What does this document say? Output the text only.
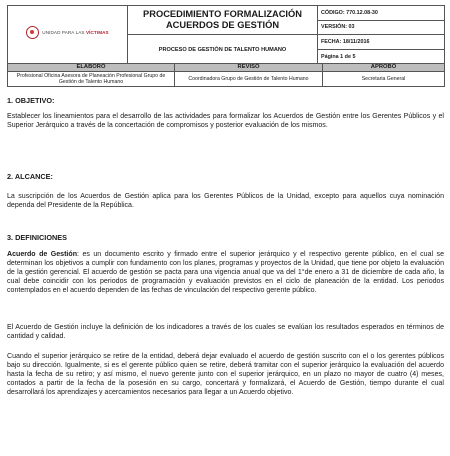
UNIDAD PARA LAS VÍCTIMAS

PROCEDIMIENTO FORMALIZACIÓN ACUERDOS DE GESTIÓN
PROCESO DE GESTIÓN DE TALENTO HUMANO

CÓDIGO: 770.12.08-30
VERSIÓN: 03
FECHA: 18/11/2016
Página 1 de 5
ELABORÓ	REVISÓ	APROBÓ
Profesional Oficina Asesora de Planeación Profesional Grupo de Gestión de Talento Humano	Coordinadora Grupo de Gestión de Talento Humano	Secretaria General
1. OBJETIVO:

Establecer los lineamientos para el desarrollo de las actividades para formalizar los Acuerdos de Gestión entre los Gerentes Públicos y el Superior Jerárquico a través de la concertación de compromisos y posterior evaluación de los mismos.

2. ALCANCE:

La suscripción de los Acuerdos de Gestión aplica para los Gerentes Públicos de la Unidad, excepto para aquellos cuya nominación dependa del Presidente de la República.

3. DEFINICIONES

Acuerdo de Gestión: es un documento escrito y firmado entre el superior jerárquico y el respectivo gerente público, en el cual se determinan los objetivos a cumplir con fundamento con los planes, programas y proyectos de la Unidad, que tiene por objeto la evaluación de la gestión gerencial. El acuerdo de gestión se pacta para una vigencia anual que va del 1°de enero a 31 de diciembre de cada año, la cual debe coincidir con los periodos de programación y evaluación previstos en el ciclo de planeación de la entidad. Los periodos contemplados en el acuerdo dependen de las fechas de vinculación del respectivo gerente público.

El Acuerdo de Gestión incluye la definición de los indicadores a través de los cuales se evalúan los resultados esperados en términos de cantidad y calidad.

Cuando el superior jerárquico se retire de la entidad, deberá dejar evaluado el acuerdo de gestión suscrito con el o los gerentes públicos bajo su dirección. Igualmente, si es el gerente público quien se retire, deberá tramitar con el superior jerárquico la evaluación del acuerdo hasta la fecha de su retiro; y así mismo, el nuevo gerente junto con el superior jerárquico, en un plazo no mayor de cuatro (4) meses, contados a partir de la fecha de la posesión en su cargo, concertará y formalizará, el Acuerdo de Gestión, tiempo durante el cual desarrollará los aprendizajes y acercamientos necesarios para llegar a un Acuerdo objetivo.
